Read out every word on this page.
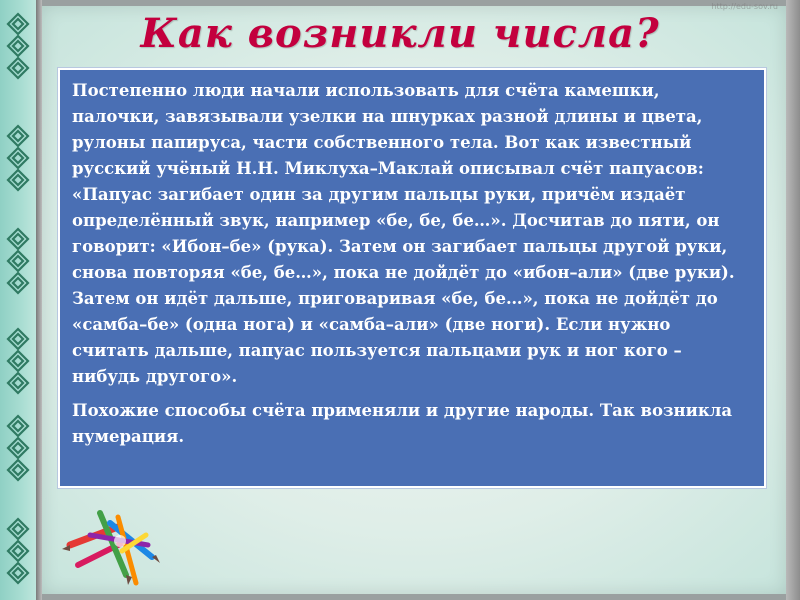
http://edu-sov.ru
Как возникли числа?

Постепенно люди начали использовать для счёта камешки, палочки, завязывали узелки на шнурках разной длины и цвета, рулоны папируса, части собственного тела. Вот как известный русский учёный Н.Н. Миклуха–Маклай описывал счёт папуасов: «Папуас загибает один за другим пальцы руки, причём издаёт определённый звук, например «бе, бе, бе…». Досчитав до пяти, он говорит: «Ибон–бе» (рука). Затем он загибает пальцы другой руки, снова повторяя «бе, бе…», пока не дойдёт до «ибон–али» (две руки). Затем он идёт дальше, приговаривая «бе, бе…», пока не дойдёт до «самба–бе» (одна нога) и «самба–али» (две ноги). Если нужно считать дальше, папуас пользуется пальцами рук и ног кого – нибудь другого».

Похожие способы счёта применяли и другие народы. Так возникла нумерация.
